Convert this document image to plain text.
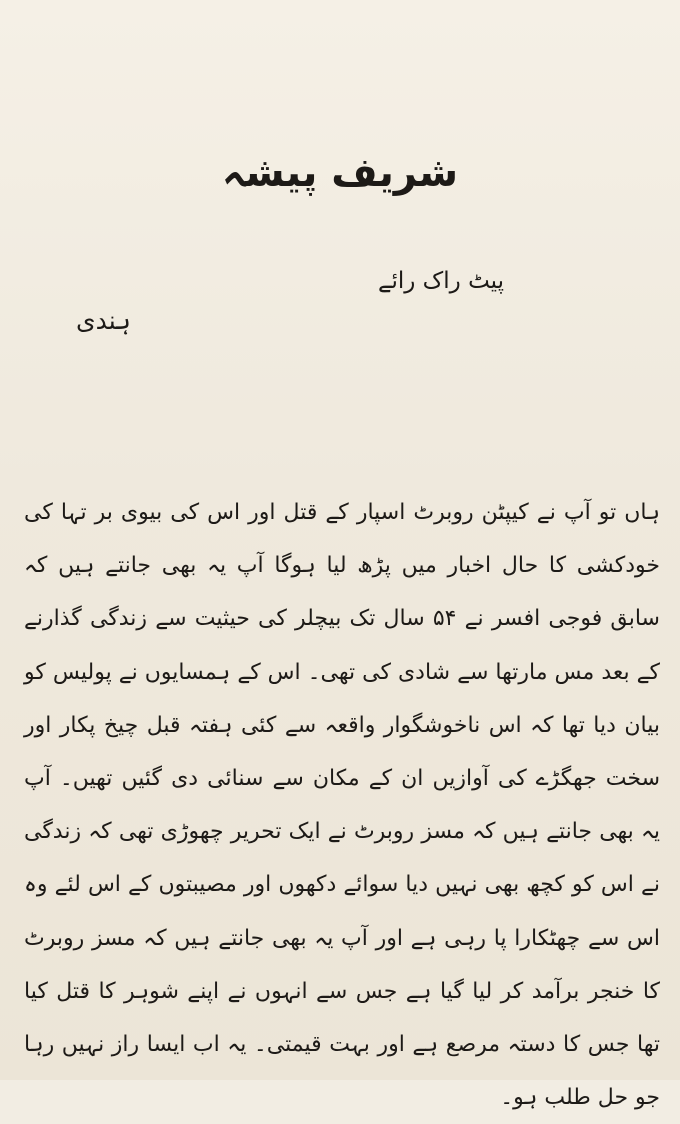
شریف پیشہ
پیٹ راک رائے
ہندی

ہاں تو آپ نے کیپٹن روبرٹ اسپار کے قتل اور اس کی بیوی بر تہا کی خودکشی کا حال اخبار میں پڑھ لیا ہوگا آپ یہ بھی جانتے ہیں کہ سابق فوجی افسر نے ۵۴ سال تک بیچلر کی حیثیت سے زندگی گذارنے کے بعد مس مارتھا سے شادی کی تھی۔ اس کے ہمسایوں نے پولیس کو بیان دیا تھا کہ اس ناخوشگوار واقعہ سے کئی ہفتہ قبل چیخ پکار اور سخت جھگڑے کی آوازیں ان کے مکان سے سنائی دی گئیں تھیں۔ آپ یہ بھی جانتے ہیں کہ مسز روبرٹ نے ایک تحریر چھوڑی تھی کہ زندگی نے اس کو کچھ بھی نہیں دیا سوائے دکھوں اور مصیبتوں کے اس لئے وہ اس سے چھٹکارا پا رہی ہے اور آپ یہ بھی جانتے ہیں کہ مسز روبرٹ کا خنجر برآمد کر لیا گیا ہے جس سے انہوں نے اپنے شوہر کا قتل کیا تھا جس کا دستہ مرصع ہے اور بہت قیمتی۔ یہ اب ایسا راز نہیں رہا جو حل طلب ہو۔
